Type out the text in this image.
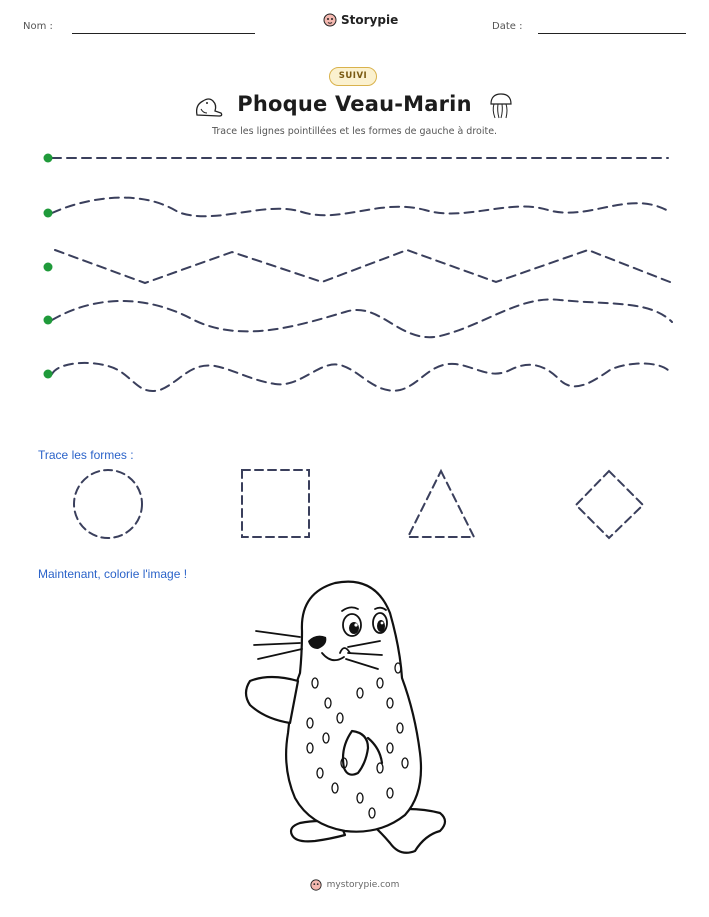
Nom :	Storypie	Date :
SUIVI
Phoque Veau-Marin
Trace les lignes pointillées et les formes de gauche à droite.
Trace les formes :
Maintenant, colorie l'image !
mystorypie.com
